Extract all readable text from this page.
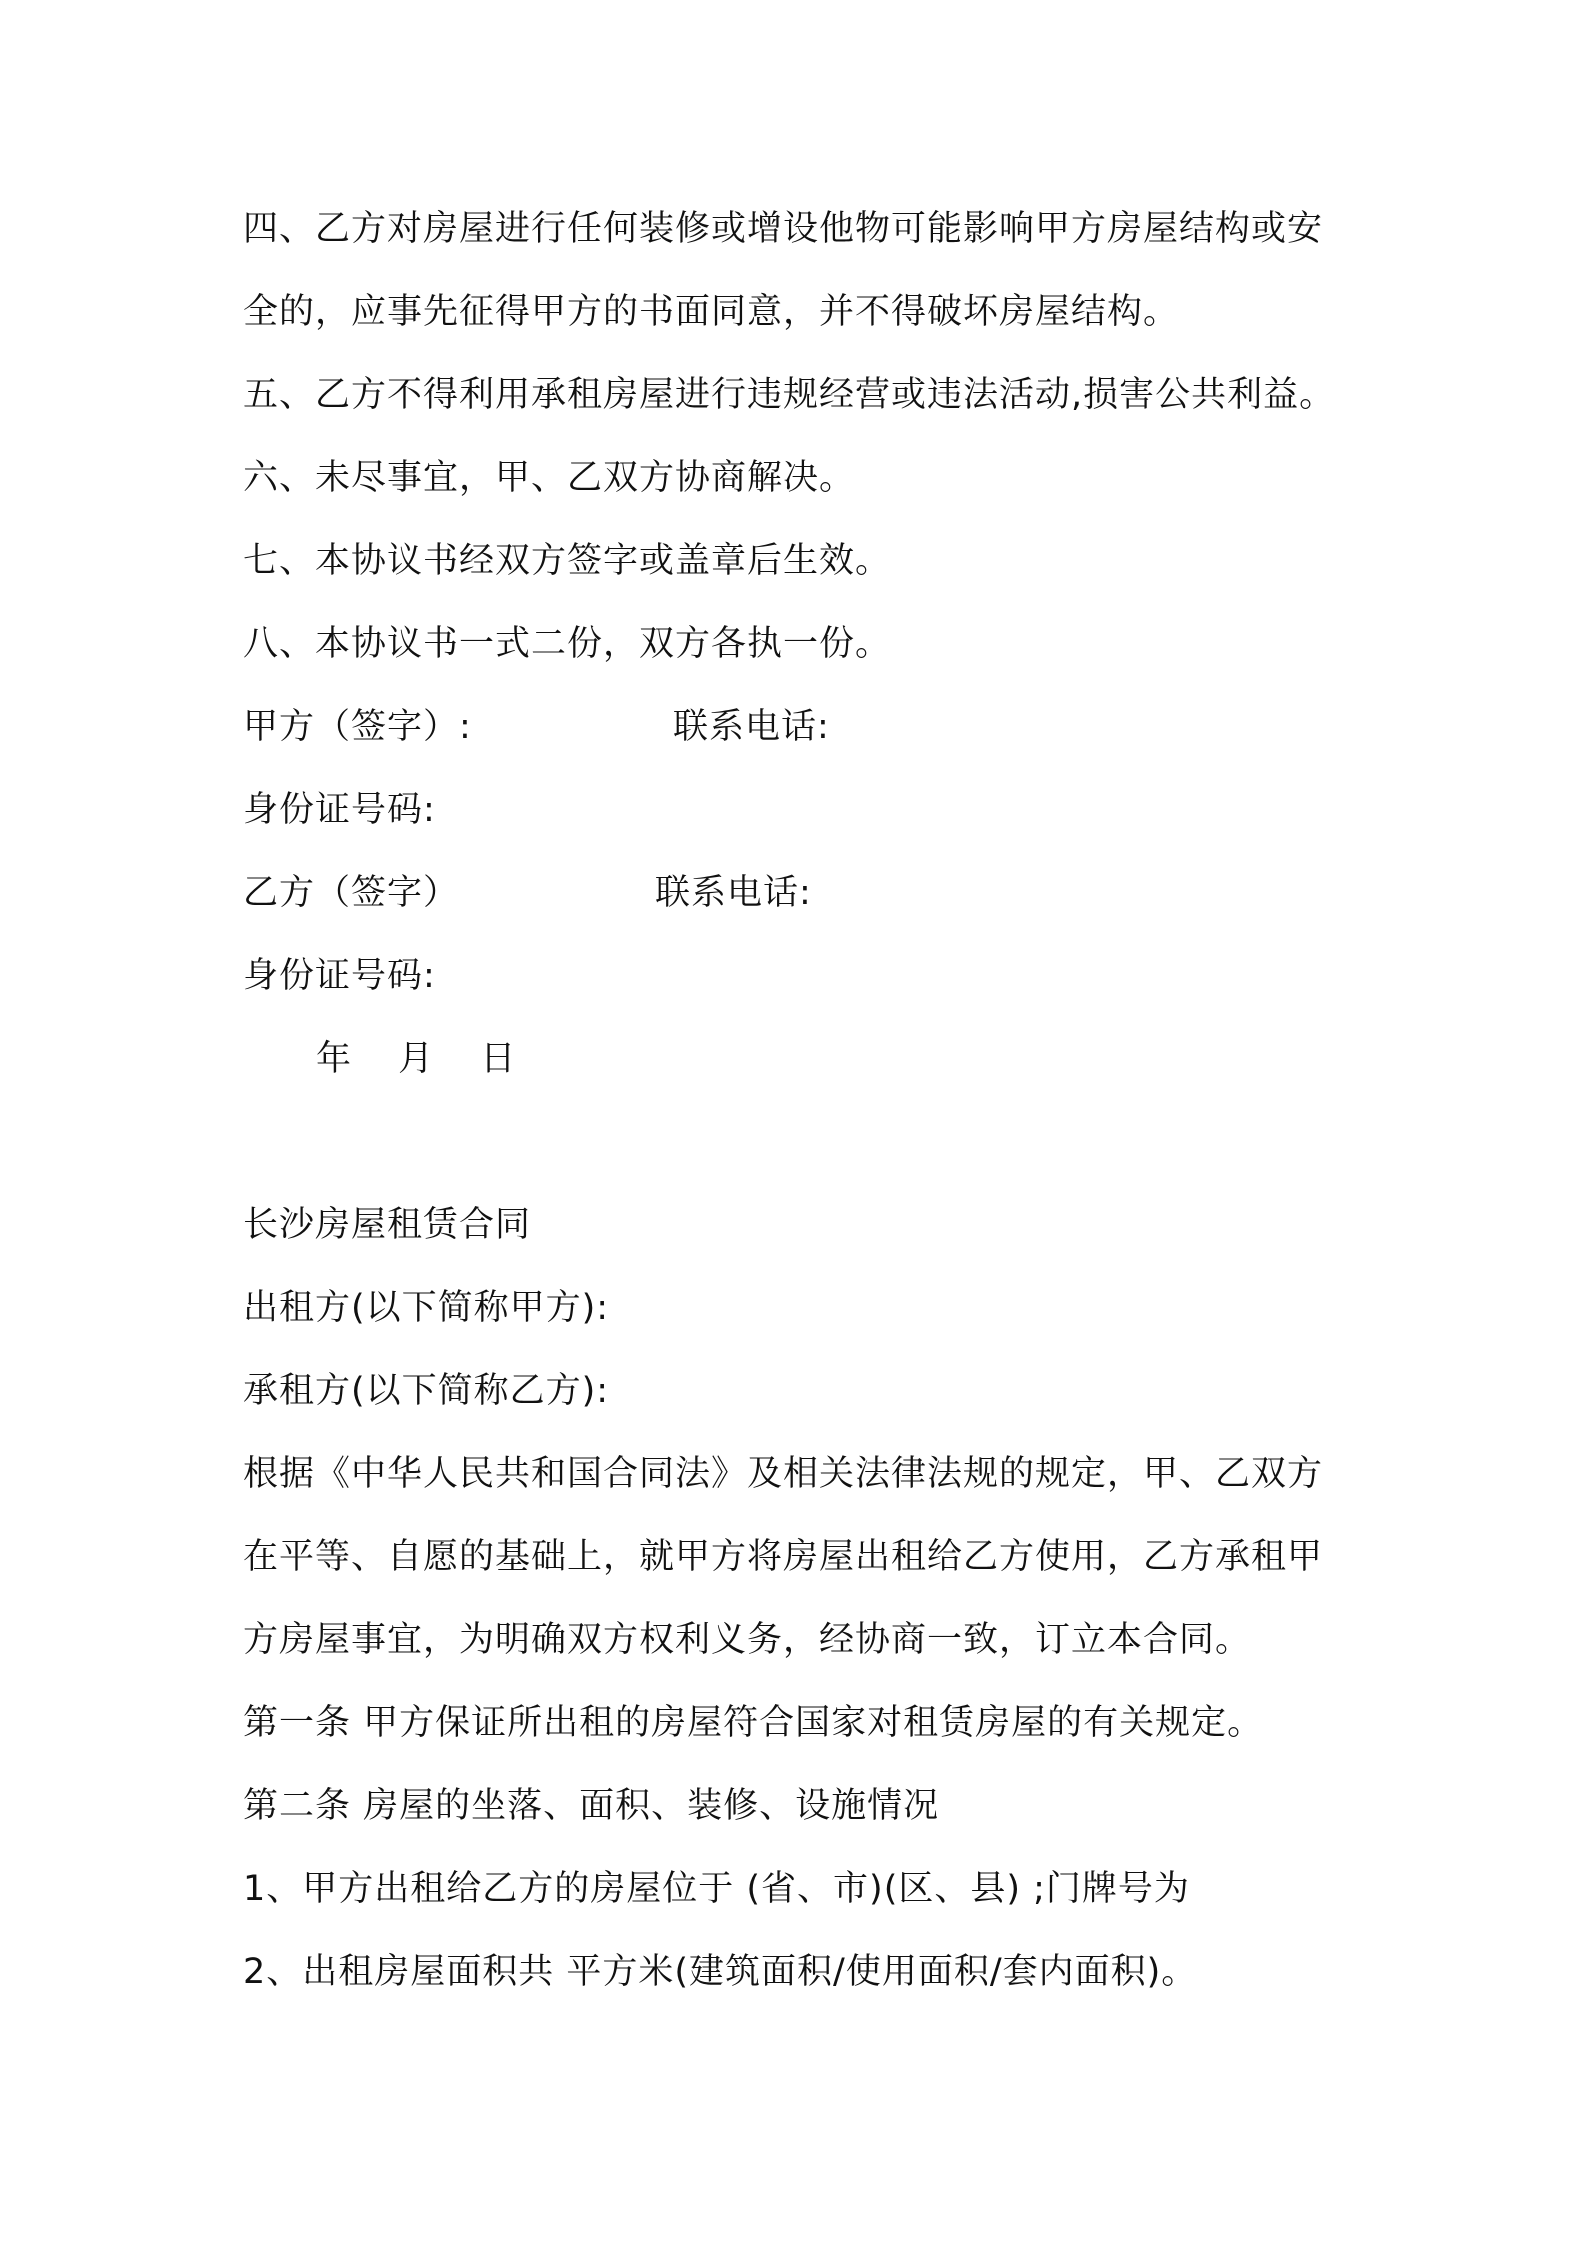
四、乙方对房屋进行任何装修或增设他物可能影响甲方房屋结构或安
全的，应事先征得甲方的书面同意，并不得破坏房屋结构。
五、乙方不得利用承租房屋进行违规经营或违法活动,损害公共利益。
六、未尽事宜，甲、乙双方协商解决。
七、本协议书经双方签字或盖章后生效。
八、本协议书一式二份，双方各执一份。
甲方（签字）:	联系电话:
身份证号码:
乙方（签字）	联系电话:
身份证号码:
年 月 日
长沙房屋租赁合同
出租方(以下简称甲方):
承租方(以下简称乙方):
根据《中华人民共和国合同法》及相关法律法规的规定，甲、乙双方
在平等、自愿的基础上，就甲方将房屋出租给乙方使用，乙方承租甲
方房屋事宜，为明确双方权利义务，经协商一致，订立本合同。
第一条 甲方保证所出租的房屋符合国家对租赁房屋的有关规定。
第二条 房屋的坐落、面积、装修、设施情况
1、甲方出租给乙方的房屋位于 (省、市)(区、县) ;门牌号为
2、出租房屋面积共 平方米(建筑面积/使用面积/套内面积)。
